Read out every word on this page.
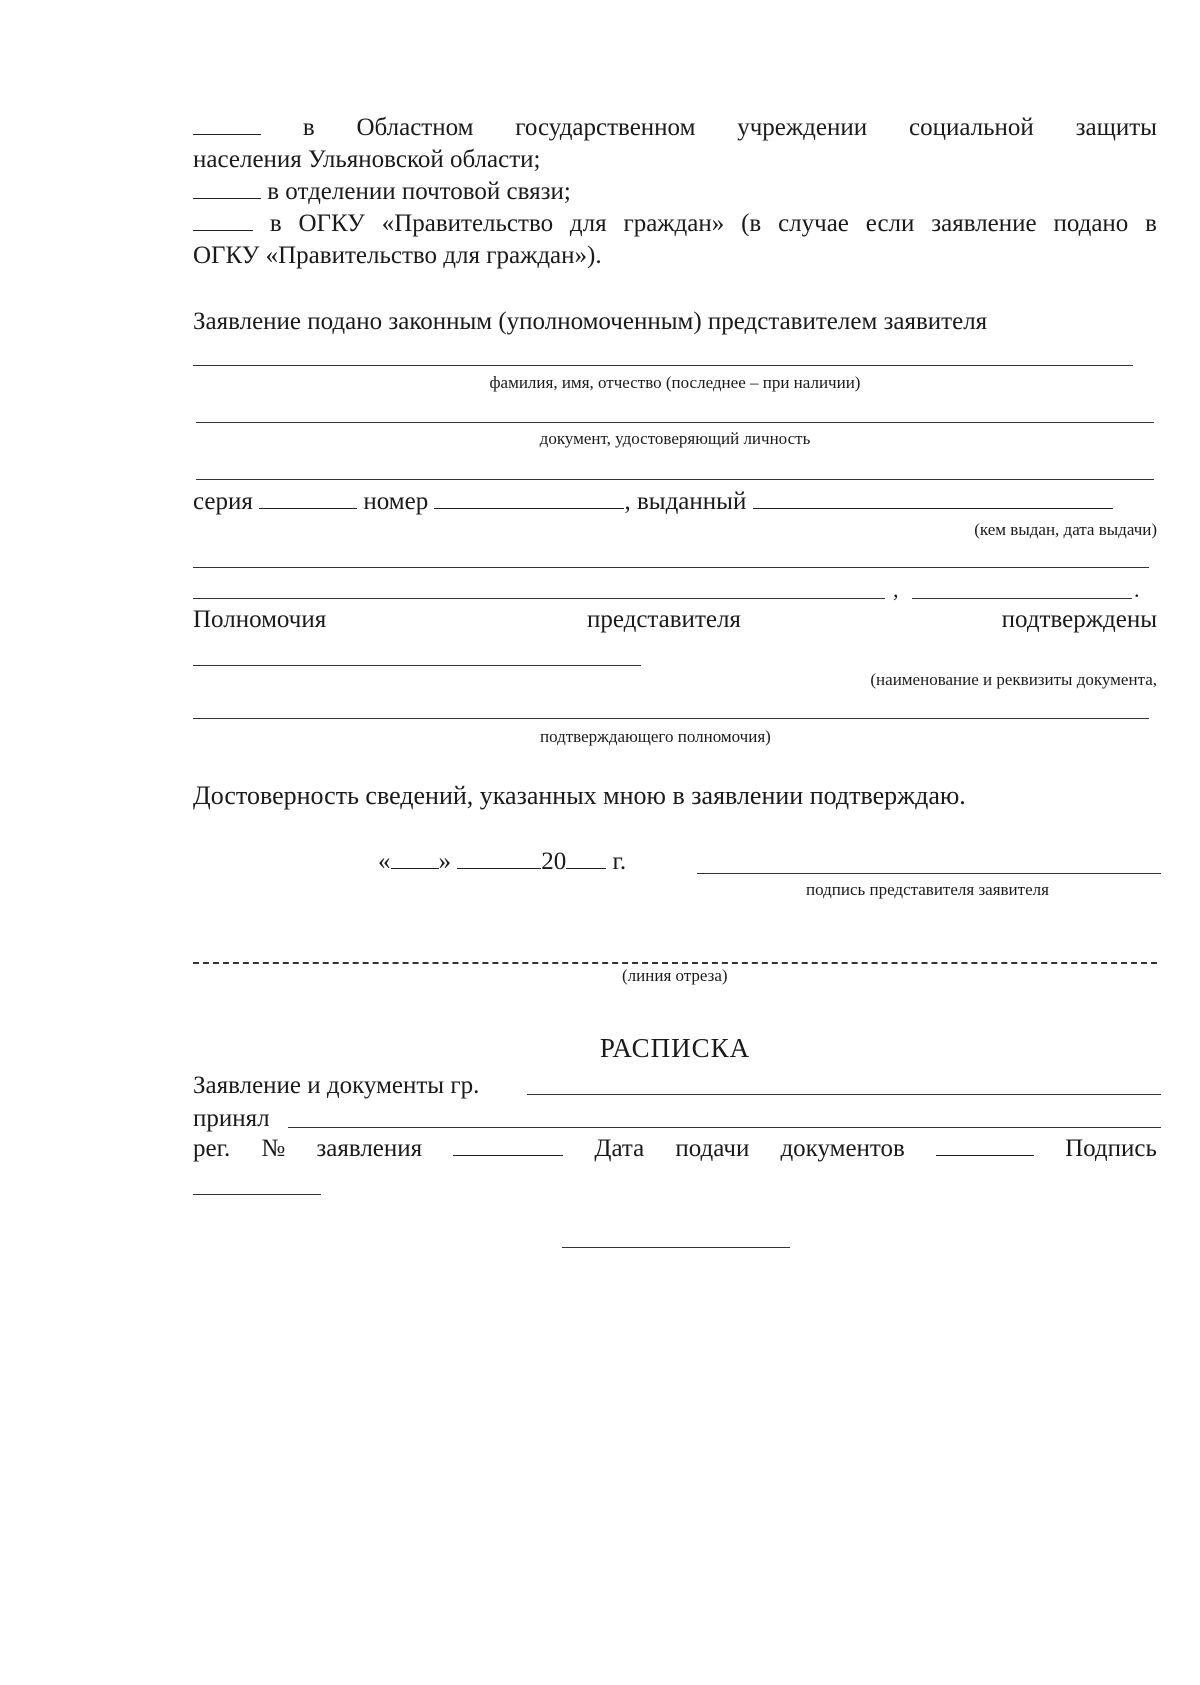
в Областном государственном учреждении социальной защиты
населения Ульяновской области;
в отделении почтовой связи;
в ОГКУ «Правительство для граждан» (в случае если заявление подано в
ОГКУ «Правительство для граждан»).
Заявление подано законным (уполномоченным) представителем заявителя
фамилия, имя, отчество (последнее – при наличии)
документ, удостоверяющий личность
серия	номер	, выданный
(кем выдан, дата выдачи)
,	.
Полномочия	представителя	подтверждены
(наименование и реквизиты документа,
подтверждающего полномочия)
Достоверность сведений, указанных мною в заявлении подтверждаю.
« »	20 г.
подпись представителя заявителя
(линия отреза)
РАСПИСКА
Заявление и документы гр.
принял
рег. № заявления	Дата подачи документов	Подпись
